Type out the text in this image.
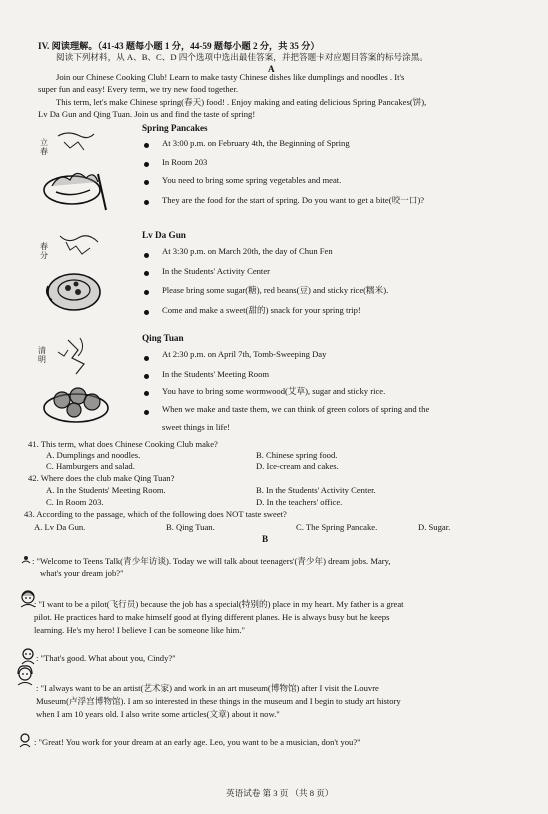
IV. 阅读理解。（41-43 题每小题 1 分，44-59 题每小题 2 分，共 35 分）
阅读下列材料，从 A、B、C、D 四个选项中选出最佳答案，并把答题卡对应题目答案的标号涂黑。
A
Join our Chinese Cooking Club! Learn to make tasty Chinese dishes like dumplings and noodles . It's
super fun and easy! Every term, we try new food together.
This term, let's make Chinese spring(春天) food! . Enjoy making and eating delicious Spring Pancakes(饼),
Lv Da Gun and Qing Tuan. Join us and find the taste of spring!
Spring Pancakes
立春
At 3:00 p.m. on February 4th, the Beginning of Spring
In Room 203
You need to bring some spring vegetables and meat.
They are the food for the start of spring. Do you want to get a bite(咬一口)?
Lv Da Gun
春分	At 3:30 p.m. on March 20th, the day of Chun Fen
In the Students' Activity Center
Please bring some sugar(糖), red beans(豆) and sticky rice(糯米).
Come and make a sweet(甜的) snack for your spring trip!
Qing Tuan
清明
At 2:30 p.m. on April 7th, Tomb-Sweeping Day
In the Students' Meeting Room
You have to bring some wormwood(艾草), sugar and sticky rice.
When we make and taste them, we can think of green colors of spring and the
sweet things in life!
41. This term, what does Chinese Cooking Club make?
A. Dumplings and noodles.	B. Chinese spring food.
C. Hamburgers and salad.	D. Ice-cream and cakes.
42. Where does the club make Qing Tuan?
A. In the Students' Meeting Room.	B. In the Students' Activity Center.
C. In Room 203.	D. In the teachers' office.
43. According to the passage, which of the following does NOT taste sweet?
A. Lv Da Gun.	B. Qing Tuan.	C. The Spring Pancake.	D. Sugar.
B
: "Welcome to Teens Talk(青少年访谈). Today we will talk about teenagers'(青少年) dream jobs. Mary,
what's your dream job?"
: "I want to be a pilot(飞行员) because the job has a special(特别的) place in my heart. My father is a great
pilot. He practices hard to make himself good at flying different planes. He is always busy but he keeps
learning. He's my hero! I believe I can be someone like him."
: "That's good. What about you, Cindy?"
: "I always want to be an artist(艺术家) and work in an art museum(博物馆) after I visit the Louvre
Museum(卢浮宫博物馆). I am so interested in these things in the museum and I begin to study art history
when I am 10 years old. I also write some articles(文章) about it now."
: "Great! You work for your dream at an early age. Leo, you want to be a musician, don't you?"
英语试卷 第 3 页 （共 8 页）
